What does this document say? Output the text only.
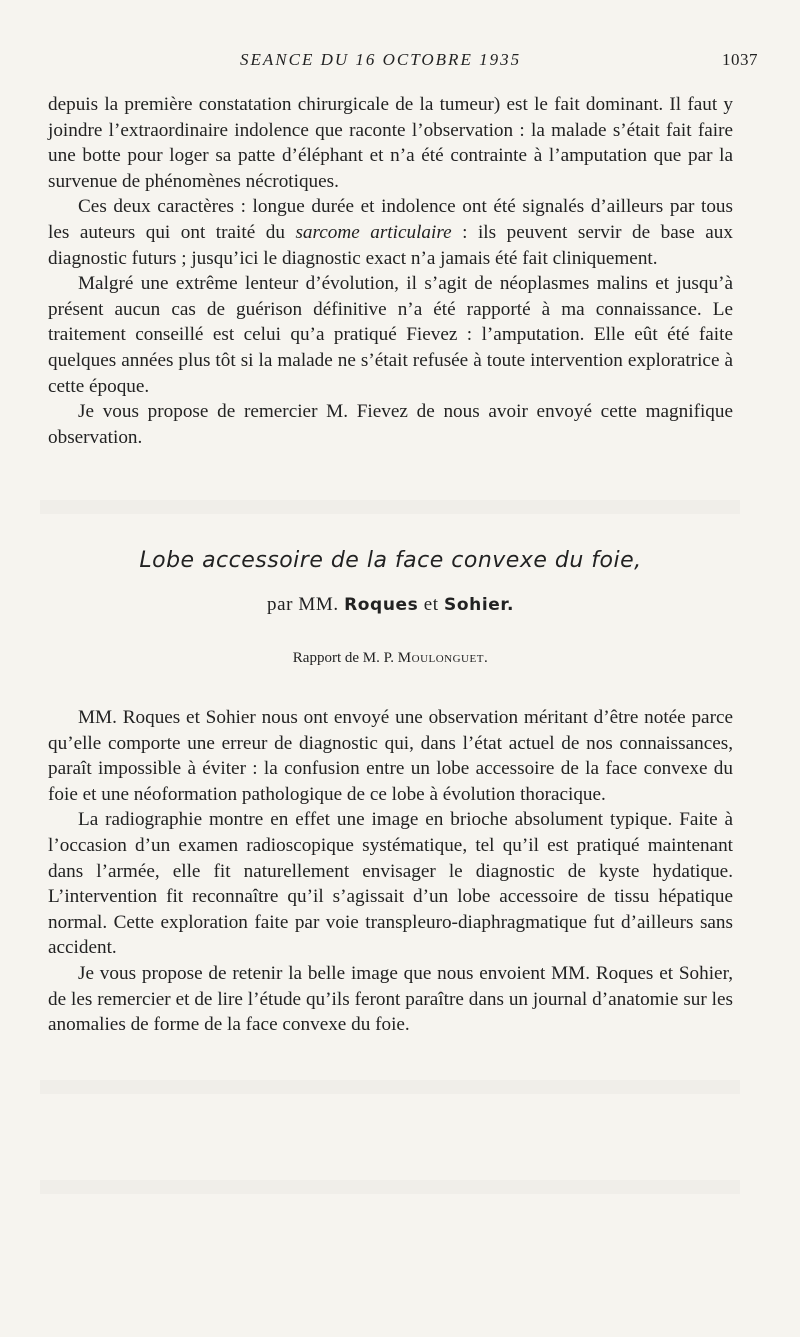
SEANCE DU 16 OCTOBRE 1935	1037

depuis la première constatation chirurgicale de la tumeur) est le fait dominant. Il faut y joindre l’extraordinaire indolence que raconte l’observation : la malade s’était fait faire une botte pour loger sa patte d’éléphant et n’a été contrainte à l’amputation que par la survenue de phénomènes nécrotiques.

Ces deux caractères : longue durée et indolence ont été signalés d’ailleurs par tous les auteurs qui ont traité du sarcome articulaire : ils peuvent servir de base aux diagnostic futurs ; jusqu’ici le diagnostic exact n’a jamais été fait cliniquement.

Malgré une extrême lenteur d’évolution, il s’agit de néoplasmes malins et jusqu’à présent aucun cas de guérison définitive n’a été rapporté à ma connaissance. Le traitement conseillé est celui qu’a pratiqué Fievez : l’amputation. Elle eût été faite quelques années plus tôt si la malade ne s’était refusée à toute intervention exploratrice à cette époque.

Je vous propose de remercier M. Fievez de nous avoir envoyé cette magnifique observation.

Lobe accessoire de la face convexe du foie,
par MM. Roques et Sohier.
Rapport de M. P. Moulonguet.

MM. Roques et Sohier nous ont envoyé une observation méritant d’être notée parce qu’elle comporte une erreur de diagnostic qui, dans l’état actuel de nos connaissances, paraît impossible à éviter : la confusion entre un lobe accessoire de la face convexe du foie et une néoformation pathologique de ce lobe à évolution thoracique.

La radiographie montre en effet une image en brioche absolument typique. Faite à l’occasion d’un examen radioscopique systématique, tel qu’il est pratiqué maintenant dans l’armée, elle fit naturellement envisager le diagnostic de kyste hydatique. L’intervention fit reconnaître qu’il s’agissait d’un lobe accessoire de tissu hépatique normal. Cette exploration faite par voie transpleuro-diaphragmatique fut d’ailleurs sans accident.

Je vous propose de retenir la belle image que nous envoient MM. Roques et Sohier, de les remercier et de lire l’étude qu’ils feront paraître dans un journal d’anatomie sur les anomalies de forme de la face convexe du foie.
